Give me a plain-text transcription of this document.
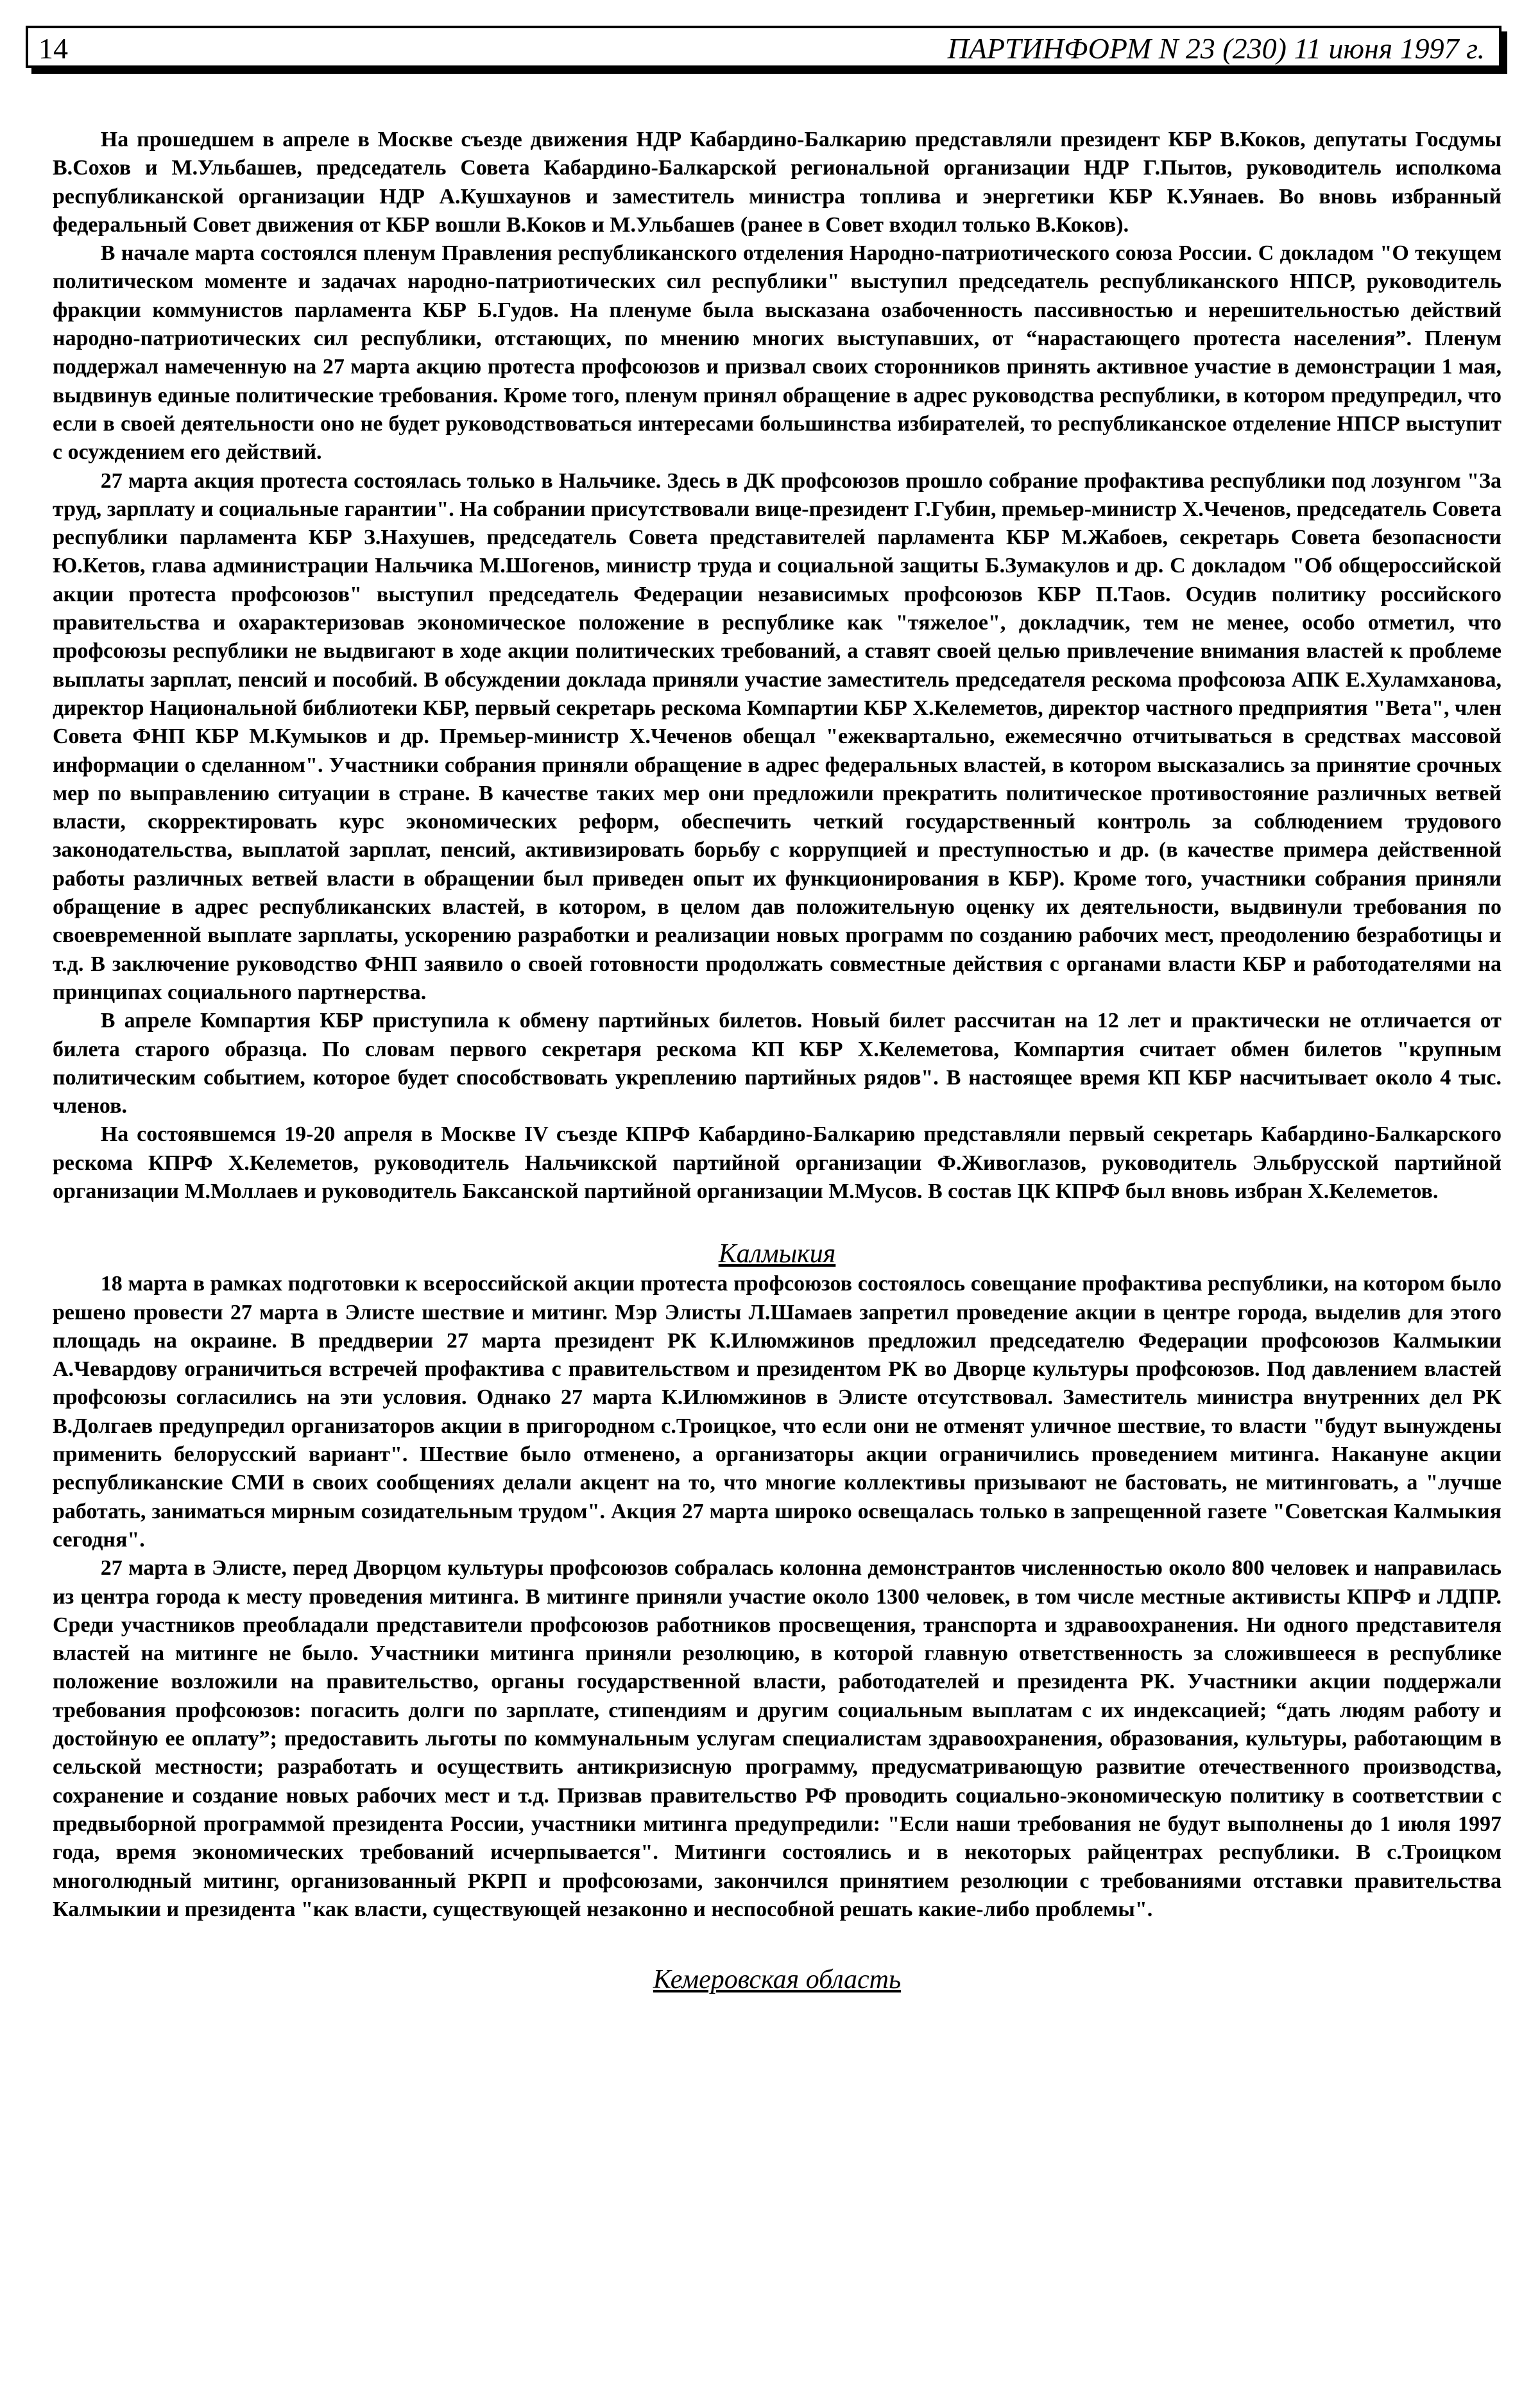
14	ПАРТИНФОРМ N 23 (230) 11 июня 1997 г.

На прошедшем в апреле в Москве съезде движения НДР Кабардино-Балкарию представляли президент КБР В.Коков, депутаты Госдумы В.Сохов и М.Ульбашев, председатель Совета Кабардино-Балкарской региональной организации НДР Г.Пытов, руководитель исполкома республиканской организации НДР А.Кушхаунов и заместитель министра топлива и энергетики КБР К.Уянаев. Во вновь избранный федеральный Совет движения от КБР вошли В.Коков и М.Ульбашев (ранее в Совет входил только В.Коков).

В начале марта состоялся пленум Правления республиканского отделения Народно-патриотического союза России. С докладом "О текущем политическом моменте и задачах народно-патриотических сил республики" выступил председатель республиканского НПСР, руководитель фракции коммунистов парламента КБР Б.Гудов. На пленуме была высказана озабоченность пассивностью и нерешительностью действий народно-патриотических сил республики, отстающих, по мнению многих выступавших, от “нарастающего протеста населения”. Пленум поддержал намеченную на 27 марта акцию протеста профсоюзов и призвал своих сторонников принять активное участие в демонстрации 1 мая, выдвинув единые политические требования. Кроме того, пленум принял обращение в адрес руководства республики, в котором предупредил, что если в своей деятельности оно не будет руководствоваться интересами большинства избирателей, то республиканское отделение НПСР выступит с осуждением его действий.

27 марта акция протеста состоялась только в Нальчике. Здесь в ДК профсоюзов прошло собрание профактива республики под лозунгом "За труд, зарплату и социальные гарантии". На собрании присутствовали вице-президент Г.Губин, премьер-министр Х.Чеченов, председатель Совета республики парламента КБР З.Нахушев, председатель Совета представителей парламента КБР М.Жабоев, секретарь Совета безопасности Ю.Кетов, глава администрации Нальчика М.Шогенов, министр труда и социальной защиты Б.Зумакулов и др. С докладом "Об общероссийской акции протеста профсоюзов" выступил председатель Федерации независимых профсоюзов КБР П.Таов. Осудив политику российского правительства и охарактеризовав экономическое положение в республике как "тяжелое", докладчик, тем не менее, особо отметил, что профсоюзы республики не выдвигают в ходе акции политических требований, а ставят своей целью привлечение внимания властей к проблеме выплаты зарплат, пенсий и пособий. В обсуждении доклада приняли участие заместитель председателя рескома профсоюза АПК Е.Хуламханова, директор Национальной библиотеки КБР, первый секретарь рескома Компартии КБР Х.Келеметов, директор частного предприятия "Вета", член Совета ФНП КБР М.Кумыков и др. Премьер-министр Х.Чеченов обещал "ежеквартально, ежемесячно отчитываться в средствах массовой информации о сделанном". Участники собрания приняли обращение в адрес федеральных властей, в котором высказались за принятие срочных мер по выправлению ситуации в стране. В качестве таких мер они предложили прекратить политическое противостояние различных ветвей власти, скорректировать курс экономических реформ, обеспечить четкий государственный контроль за соблюдением трудового законодательства, выплатой зарплат, пенсий, активизировать борьбу с коррупцией и преступностью и др. (в качестве примера действенной работы различных ветвей власти в обращении был приведен опыт их функционирования в КБР). Кроме того, участники собрания приняли обращение в адрес республиканских властей, в котором, в целом дав положительную оценку их деятельности, выдвинули требования по своевременной выплате зарплаты, ускорению разработки и реализации новых программ по созданию рабочих мест, преодолению безработицы и т.д. В заключение руководство ФНП заявило о своей готовности продолжать совместные действия с органами власти КБР и работодателями на принципах социального партнерства.

В апреле Компартия КБР приступила к обмену партийных билетов. Новый билет рассчитан на 12 лет и практически не отличается от билета старого образца. По словам первого секретаря рескома КП КБР Х.Келеметова, Компартия считает обмен билетов "крупным политическим событием, которое будет способствовать укреплению партийных рядов". В настоящее время КП КБР насчитывает около 4 тыс. членов.

На состоявшемся 19-20 апреля в Москве IV съезде КПРФ Кабардино-Балкарию представляли первый секретарь Кабардино-Балкарского рескома КПРФ Х.Келеметов, руководитель Нальчикской партийной организации Ф.Живоглазов, руководитель Эльбрусской партийной организации М.Моллаев и руководитель Баксанской партийной организации М.Мусов. В состав ЦК КПРФ был вновь избран Х.Келеметов.

Калмыкия

18 марта в рамках подготовки к всероссийской акции протеста профсоюзов состоялось совещание профактива республики, на котором было решено провести 27 марта в Элисте шествие и митинг. Мэр Элисты Л.Шамаев запретил проведение акции в центре города, выделив для этого площадь на окраине. В преддверии 27 марта президент РК К.Илюмжинов предложил председателю Федерации профсоюзов Калмыкии А.Чевардову ограничиться встречей профактива с правительством и президентом РК во Дворце культуры профсоюзов. Под давлением властей профсоюзы согласились на эти условия. Однако 27 марта К.Илюмжинов в Элисте отсутствовал. Заместитель министра внутренних дел РК В.Долгаев предупредил организаторов акции в пригородном с.Троицкое, что если они не отменят уличное шествие, то власти "будут вынуждены применить белорусский вариант". Шествие было отменено, а организаторы акции ограничились проведением митинга. Накануне акции республиканские СМИ в своих сообщениях делали акцент на то, что многие коллективы призывают не бастовать, не митинговать, а "лучше работать, заниматься мирным созидательным трудом". Акция 27 марта широко освещалась только в запрещенной газете "Советская Калмыкия сегодня".

27 марта в Элисте, перед Дворцом культуры профсоюзов собралась колонна демонстрантов численностью около 800 человек и направилась из центра города к месту проведения митинга. В митинге приняли участие около 1300 человек, в том числе местные активисты КПРФ и ЛДПР. Среди участников преобладали представители профсоюзов работников просвещения, транспорта и здравоохранения. Ни одного представителя властей на митинге не было. Участники митинга приняли резолюцию, в которой главную ответственность за сложившееся в республике положение возложили на правительство, органы государственной власти, работодателей и президента РК. Участники акции поддержали требования профсоюзов: погасить долги по зарплате, стипендиям и другим социальным выплатам с их индексацией; “дать людям работу и достойную ее оплату”; предоставить льготы по коммунальным услугам специалистам здравоохранения, образования, культуры, работающим в сельской местности; разработать и осуществить антикризисную программу, предусматривающую развитие отечественного производства, сохранение и создание новых рабочих мест и т.д. Призвав правительство РФ проводить социально-экономическую политику в соответствии с предвыборной программой президента России, участники митинга предупредили: "Если наши требования не будут выполнены до 1 июля 1997 года, время экономических требований исчерпывается". Митинги состоялись и в некоторых райцентрах республики. В с.Троицком многолюдный митинг, организованный РКРП и профсоюзами, закончился принятием резолюции с требованиями отставки правительства Калмыкии и президента "как власти, существующей незаконно и неспособной решать какие-либо проблемы".

Кемеровская область
